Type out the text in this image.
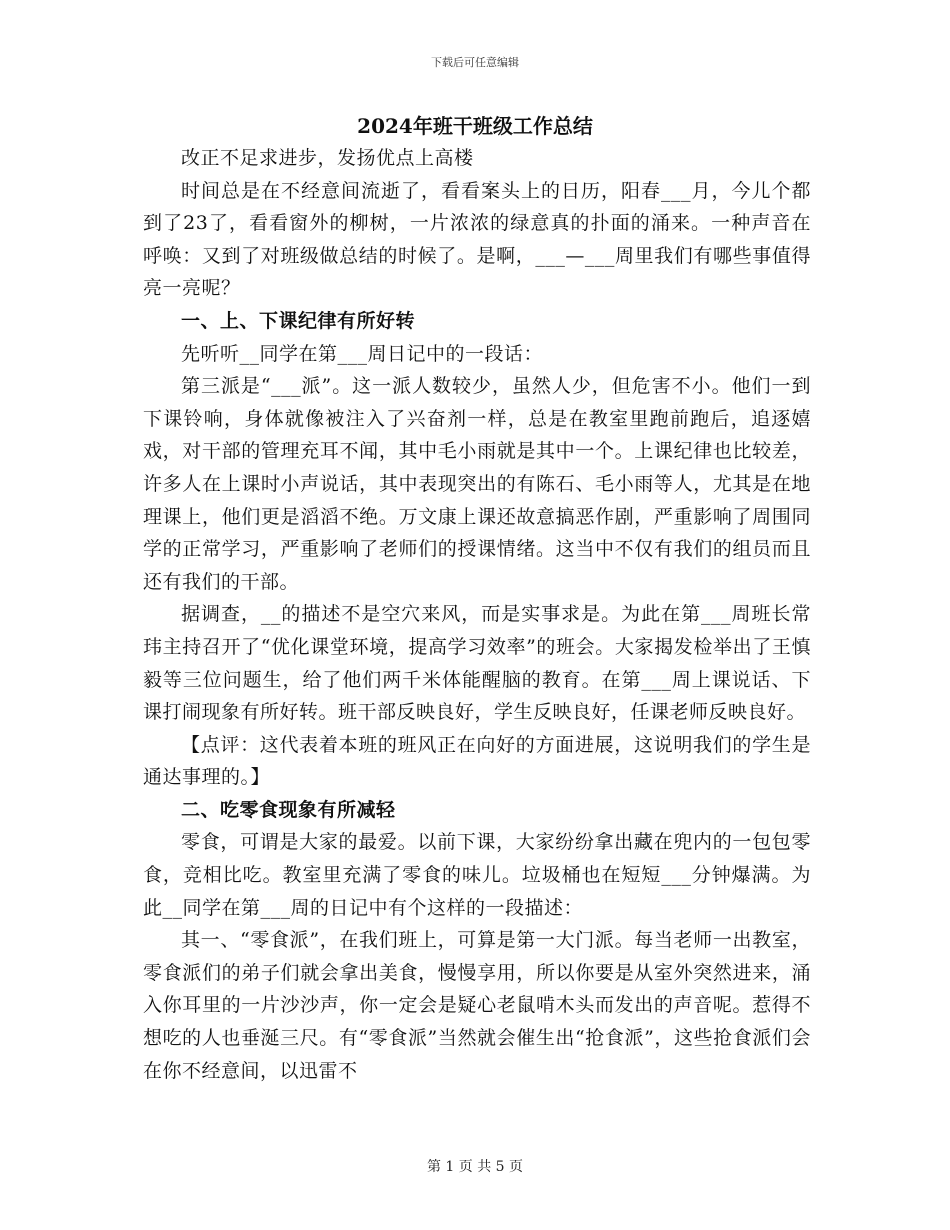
下载后可任意编辑
2024年班干班级工作总结

改正不足求进步，发扬优点上高楼

时间总是在不经意间流逝了，看看案头上的日历，阳春___月，今儿个都到了23了，看看窗外的柳树，一片浓浓的绿意真的扑面的涌来。一种声音在呼唤：又到了对班级做总结的时候了。是啊，___—___周里我们有哪些事值得亮一亮呢？

一、上、下课纪律有所好转

先听听__同学在第___周日记中的一段话：

第三派是“___派”。这一派人数较少，虽然人少，但危害不小。他们一到下课铃响，身体就像被注入了兴奋剂一样，总是在教室里跑前跑后，追逐嬉戏，对干部的管理充耳不闻，其中毛小雨就是其中一个。上课纪律也比较差，许多人在上课时小声说话，其中表现突出的有陈石、毛小雨等人，尤其是在地理课上，他们更是滔滔不绝。万文康上课还故意搞恶作剧，严重影响了周围同学的正常学习，严重影响了老师们的授课情绪。这当中不仅有我们的组员而且还有我们的干部。

据调查，__的描述不是空穴来风，而是实事求是。为此在第___周班长常玮主持召开了“优化课堂环境，提高学习效率”的班会。大家揭发检举出了王慎毅等三位问题生，给了他们两千米体能醒脑的教育。在第___周上课说话、下课打闹现象有所好转。班干部反映良好，学生反映良好，任课老师反映良好。

【点评：这代表着本班的班风正在向好的方面进展，这说明我们的学生是通达事理的。】

二、吃零食现象有所减轻

零食，可谓是大家的最爱。以前下课，大家纷纷拿出藏在兜内的一包包零食，竞相比吃。教室里充满了零食的味儿。垃圾桶也在短短___分钟爆满。为此__同学在第___周的日记中有个这样的一段描述：

其一、“零食派”，在我们班上，可算是第一大门派。每当老师一出教室，零食派们的弟子们就会拿出美食，慢慢享用，所以你要是从室外突然进来，涌入你耳里的一片沙沙声，你一定会是疑心老鼠啃木头而发出的声音呢。惹得不想吃的人也垂涎三尺。有“零食派”当然就会催生出“抢食派”，这些抢食派们会在你不经意间，以迅雷不

第 1 页 共 5 页
